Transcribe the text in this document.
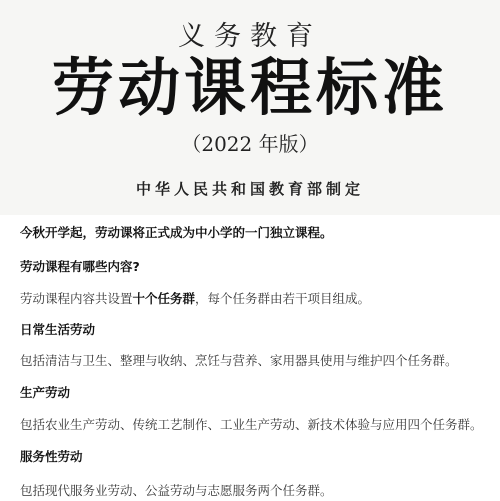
义务教育
劳动课程标准
（2022 年版）
中华人民共和国教育部制定
今秋开学起，劳动课将正式成为中小学的一门独立课程。
劳动课程有哪些内容?
劳动课程内容共设置十个任务群，每个任务群由若干项目组成。
日常生活劳动
包括清洁与卫生、整理与收纳、烹饪与营养、家用器具使用与维护四个任务群。
生产劳动
包括农业生产劳动、传统工艺制作、工业生产劳动、新技术体验与应用四个任务群。
服务性劳动
包括现代服务业劳动、公益劳动与志愿服务两个任务群。
